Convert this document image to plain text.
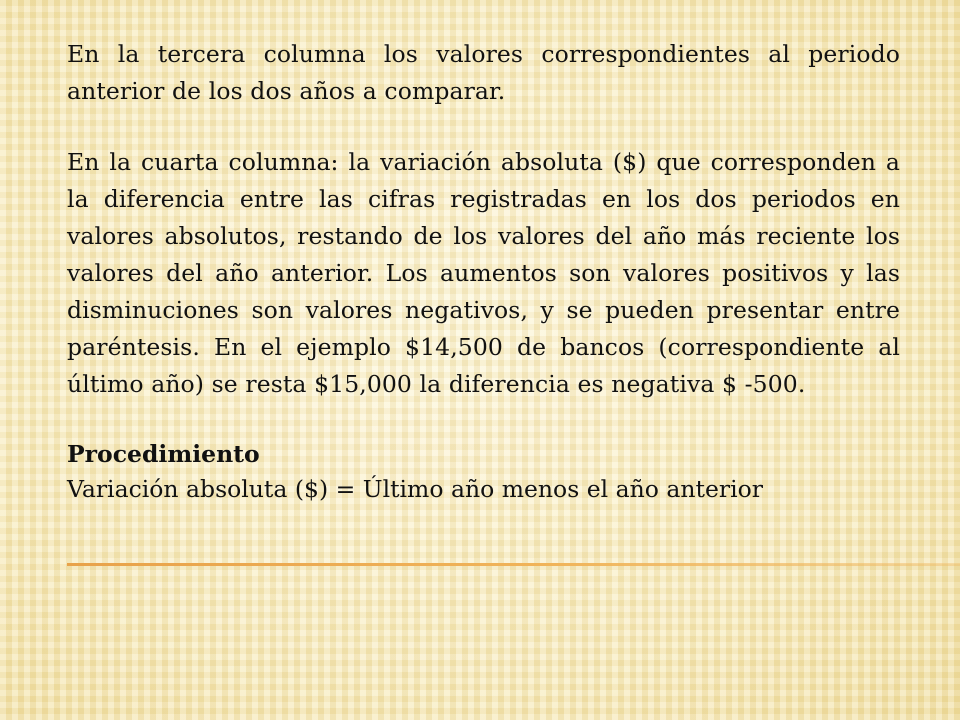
En la tercera columna los valores correspondientes al periodo anterior de los dos años a comparar.

En la cuarta columna: la variación absoluta ($) que corresponden a la diferencia entre las cifras registradas en los dos periodos en valores absolutos, restando de los valores del año más reciente los valores del año anterior. Los aumentos son valores positivos y las disminuciones son valores negativos, y se pueden presentar entre paréntesis. En el ejemplo $14,500 de bancos (correspondiente al último año) se resta $15,000 la diferencia es negativa $ -500.

Procedimiento

Variación absoluta ($) = Último año menos el año anterior
